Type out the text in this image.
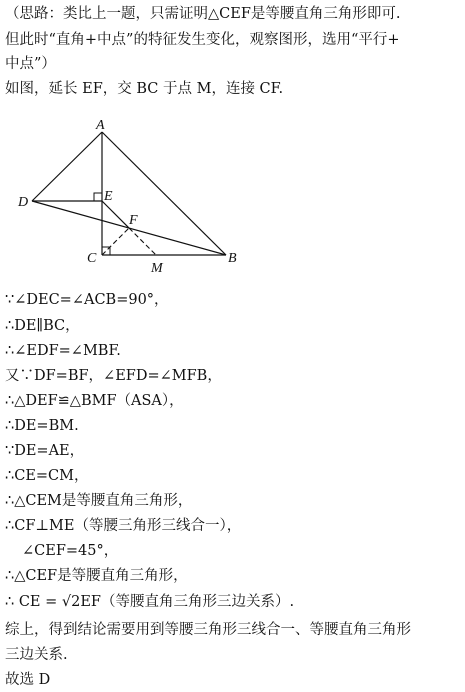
（思路：类比上一题，只需证明△CEF是等腰直角三角形即可.
但此时“直角+中点”的特征发生变化，观察图形，选用“平行+
中点”）
如图，延长 EF，交 BC 于点 M，连接 CF.
A
B
C
D	E
F
M
∵∠DEC=∠ACB=90°，
∴DE∥BC，
∴∠EDF=∠MBF.
又∵DF=BF，∠EFD=∠MFB，
∴△DEF≌△BMF（ASA），
∴DE=BM.
∵DE=AE，
∴CE=CM，
∴△CEM是等腰直角三角形，
∴CF⊥ME（等腰三角形三线合一），
∠CEF=45°，
∴△CEF是等腰直角三角形，
∴ CE = √2EF（等腰直角三角形三边关系）.
综上，得到结论需要用到等腰三角形三线合一、等腰直角三角形
三边关系.
故选 D
